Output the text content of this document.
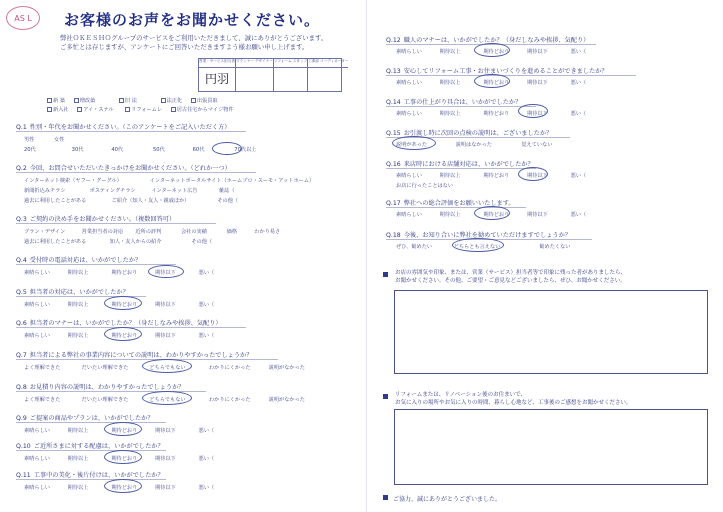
AS L	お客様のお声をお聞かせください。
弊社ＯＫＥＳＨＯグループのサービスをご利用いただきまして、誠にありがとうございます。
ご多忙とは存じますが、アンケートにご回答いただきますよう様お願い申し上げます。
営業・サービス担当者
円羽
プランナー デザイナー リフォーム スタッフ 工事部 コーディネーター
新 築	増改築	旧 法	法正化	出張買取
新入社	アイ・ステル	リフォームレ	居古住宅からマイジ物件
Q.1 性別・年代をお聞かせください。（このアンケートをご記入いただく方）
男性	女性
20代	30代	40代	50代	60代	70代以上
Q.2 今回、お問合せいただいたきっかけをお聞かせください。（どれか一つ）
インターネット検索（ヤフー・グーグル）	インターネットポータルサイト（ホームプロ・スーモ・アットホーム）
新聞折込みチラシ	ポスティングチラシ	インターネット広告	雑誌（
過去に利用したことがある	ご紹介（知人・友人・親戚ほか）	その他（
Q.3 ご契約の決め手をお聞かせください。（複数回答可）
プラン・デザイン	営業担当者の対応 近所の評判	会社の実績	価格	わかり易さ
過去に利用したことがある	知人・友人からの紹介	その他（
Q.4 受付時の電話対応は、いかがでしたか？
素晴らしい	期待以上	期待どおり	期待以下	悪い（
Q.5 担当者の対応は、いかがでしたか？
素晴らしい	期待以上	期待どおり	期待以下	悪い（
Q.6 担当者のマナーは、いかがでしたか？（身だしなみや挨拶、気配り）
素晴らしい	期待以上	期待どおり	期待以下	悪い（
Q.7 担当者による弊社の事業内容についての説明は、わかりやすかったでしょうか？
よく理解できた	だいたい理解できた	どちらでもない	わかりにくかった	説明がなかった
Q.8 お見積り内容の説明は、わかりやすかったでしょうか？
よく理解できた	だいたい理解できた	どちらでもない	わかりにくかった	説明がなかった
Q.9 ご提案の商品やプランは、いかがでしたか？
素晴らしい	期待以上	期待どおり	期待以下	悪い（
Q.10 ご近所さまに対する配慮は、いかがでしたか？
素晴らしい	期待以上	期待どおり	期待以下	悪い（
Q.11 工事中の美化・後片付けは、いかがでしたか？
素晴らしい	期待以上	期待どおり	期待以下	悪い（
Q.12 職人のマナーは、いかがでしたか？（身だしなみや挨拶、気配り）
素晴らしい	期待以上	期待どおり	期待以下	悪い（
Q.13 安心してリフォーム工事・お住まいづくりを進めることができましたか？
素晴らしい	期待以上	期待どおり	期待以下	悪い（
Q.14 工事の仕上がり具合は、いかがでしたか？
素晴らしい	期待以上	期待どおり	期待以下	悪い（
Q.15 お引渡し時に次回の点検の説明は、ございましたか？
説明があった	説明はなかった	覚えていない
Q.16 来店時における店舗対応は、いかがでしたか？
素晴らしい	期待以上	期待どおり	期待以下	悪い（
お店に行ったことはない
Q.17 弊社への総合評価をお願いいたします。
素晴らしい	期待以上	期待どおり	期待以下	悪い（
Q.18 今後、お知り合いに弊社を勧めていただけますでしょうか？
ぜひ、勧めたい	どちらとも言えない	勧めたくない
お店の雰囲気や印象、または、営業（サービス）担当者等で印象に残った者がありましたら、
お聞かせください。その他、ご要望・ご意見などございましたら、ぜひ、お聞かせください。
リフォームまたは、リノベーション後のお住まいで、
お気に入りの場所やお気に入りの時間、暮らし心地など、工事後のご感想をお聞かせください。
ご協力、誠にありがとうございました。
